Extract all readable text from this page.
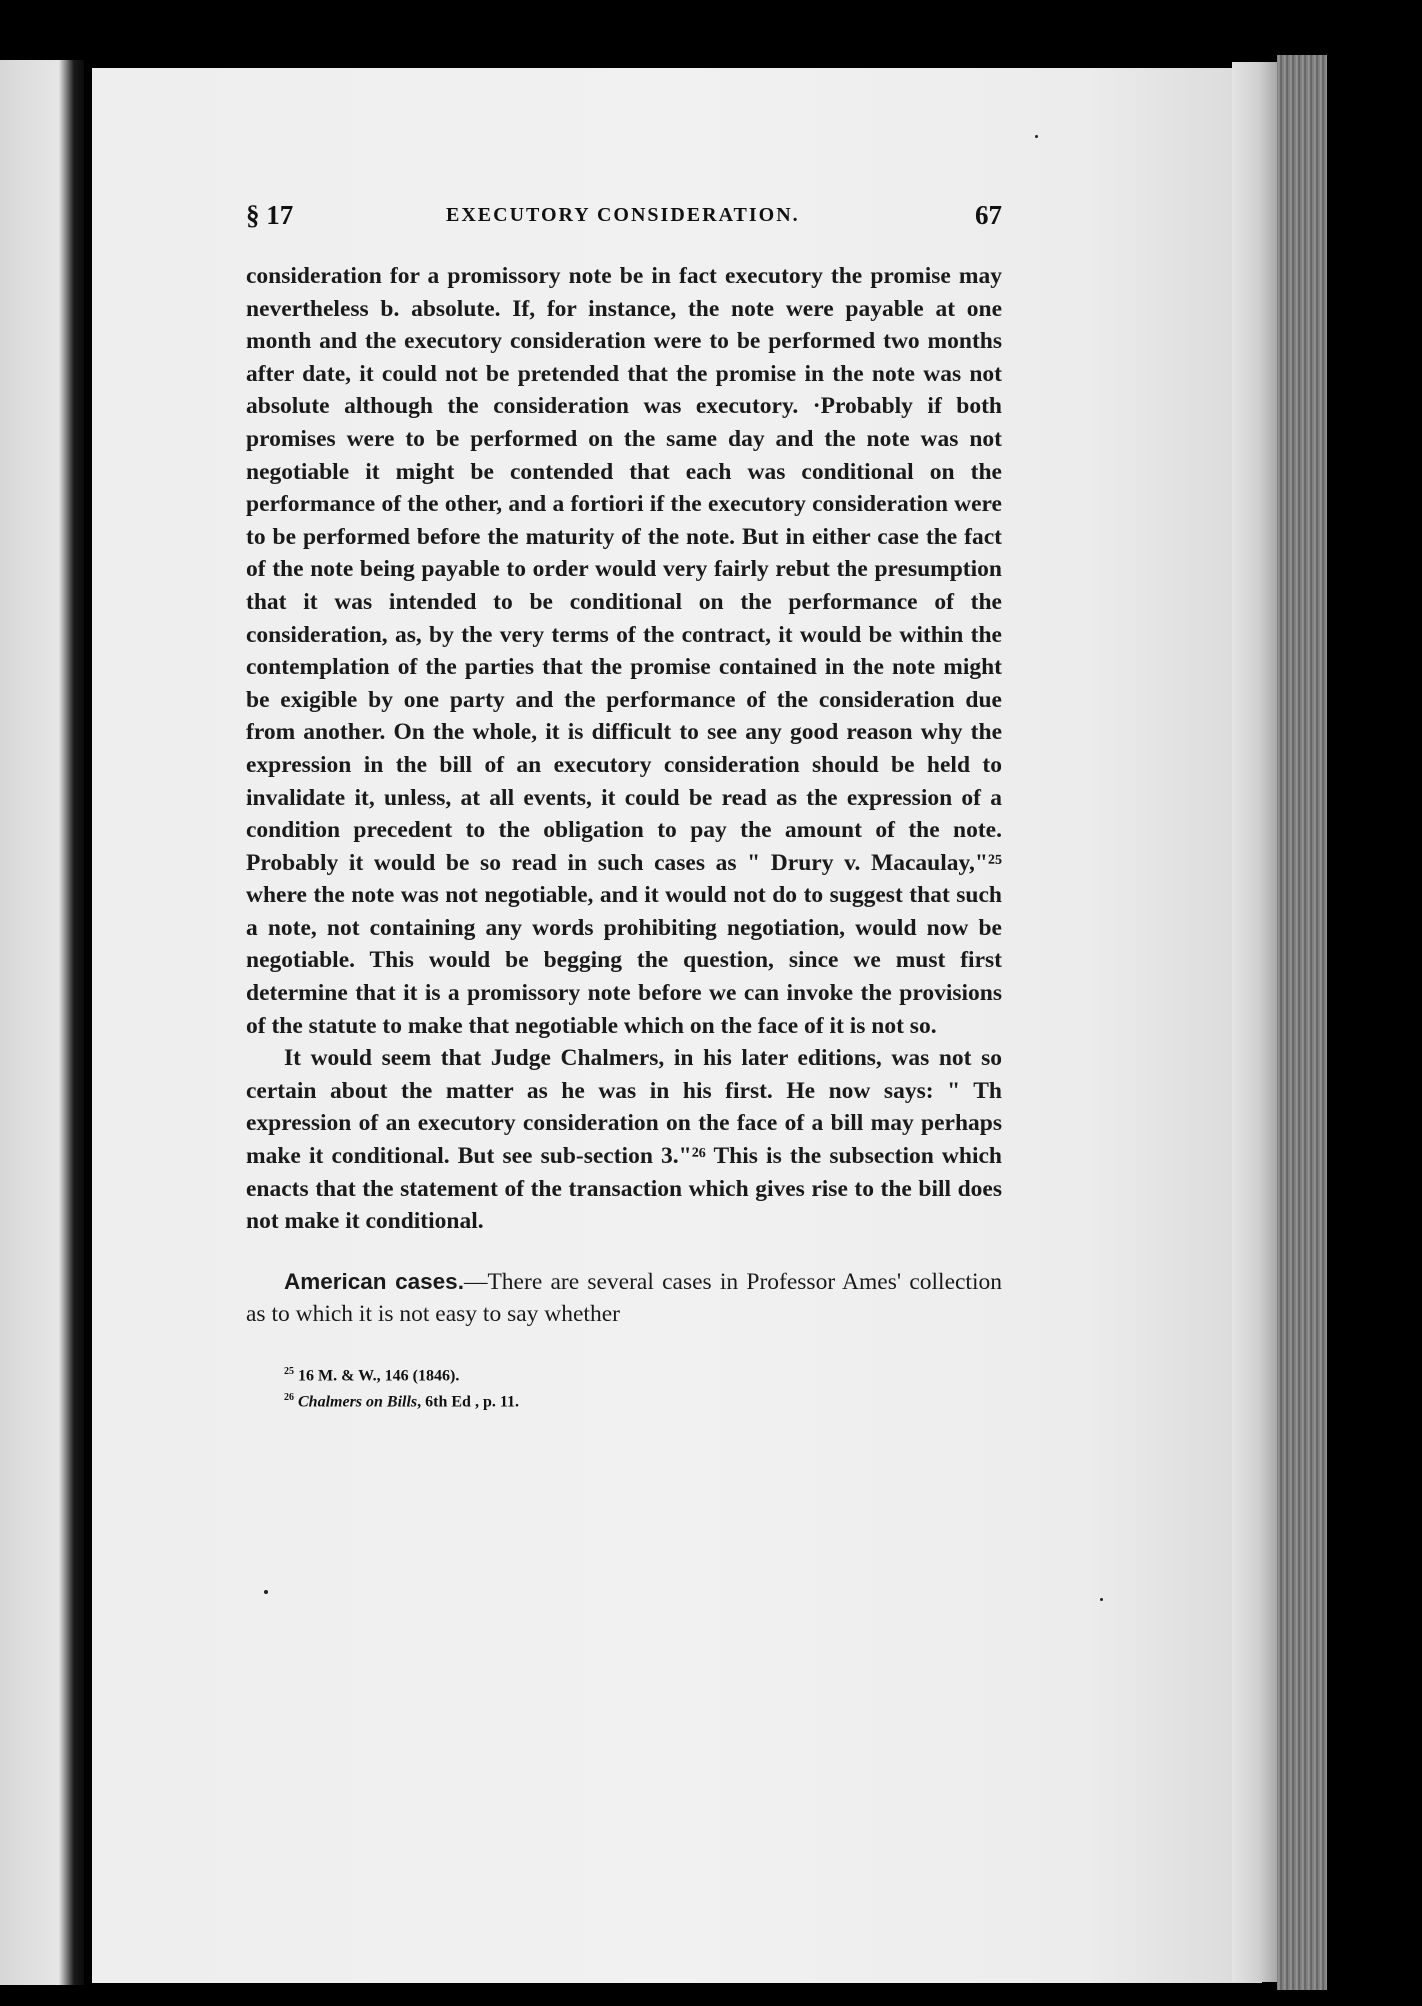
§ 17	EXECUTORY CONSIDERATION.	67

consideration for a promissory note be in fact executory the promise may nevertheless b. absolute. If, for instance, the note were payable at one month and the executory consideration were to be performed two months after date, it could not be pretended that the promise in the note was not absolute although the consideration was executory. ·Probably if both promises were to be performed on the same day and the note was not negotiable it might be contended that each was conditional on the performance of the other, and a fortiori if the executory consideration were to be performed before the maturity of the note. But in either case the fact of the note being payable to order would very fairly rebut the presumption that it was intended to be conditional on the performance of the consideration, as, by the very terms of the contract, it would be within the contemplation of the parties that the promise contained in the note might be exigible by one party and the performance of the consideration due from another. On the whole, it is difficult to see any good reason why the expression in the bill of an executory consideration should be held to invalidate it, unless, at all events, it could be read as the expression of a condition precedent to the obligation to pay the amount of the note. Probably it would be so read in such cases as " Drury v. Macaulay,"²⁵ where the note was not negotiable, and it would not do to suggest that such a note, not containing any words prohibiting negotiation, would now be negotiable. This would be begging the question, since we must first determine that it is a promissory note before we can invoke the provisions of the statute to make that negotiable which on the face of it is not so.

It would seem that Judge Chalmers, in his later editions, was not so certain about the matter as he was in his first. He now says: " Th expression of an executory consideration on the face of a bill may perhaps make it conditional. But see sub-section 3."²⁶ This is the subsection which enacts that the statement of the transaction which gives rise to the bill does not make it conditional.

American cases.—There are several cases in Professor Ames' collection as to which it is not easy to say whether

$^{25}$ 16 M. & W., 146 (1846).
$^{26}$ Chalmers on Bills, 6th Ed , p. 11.
